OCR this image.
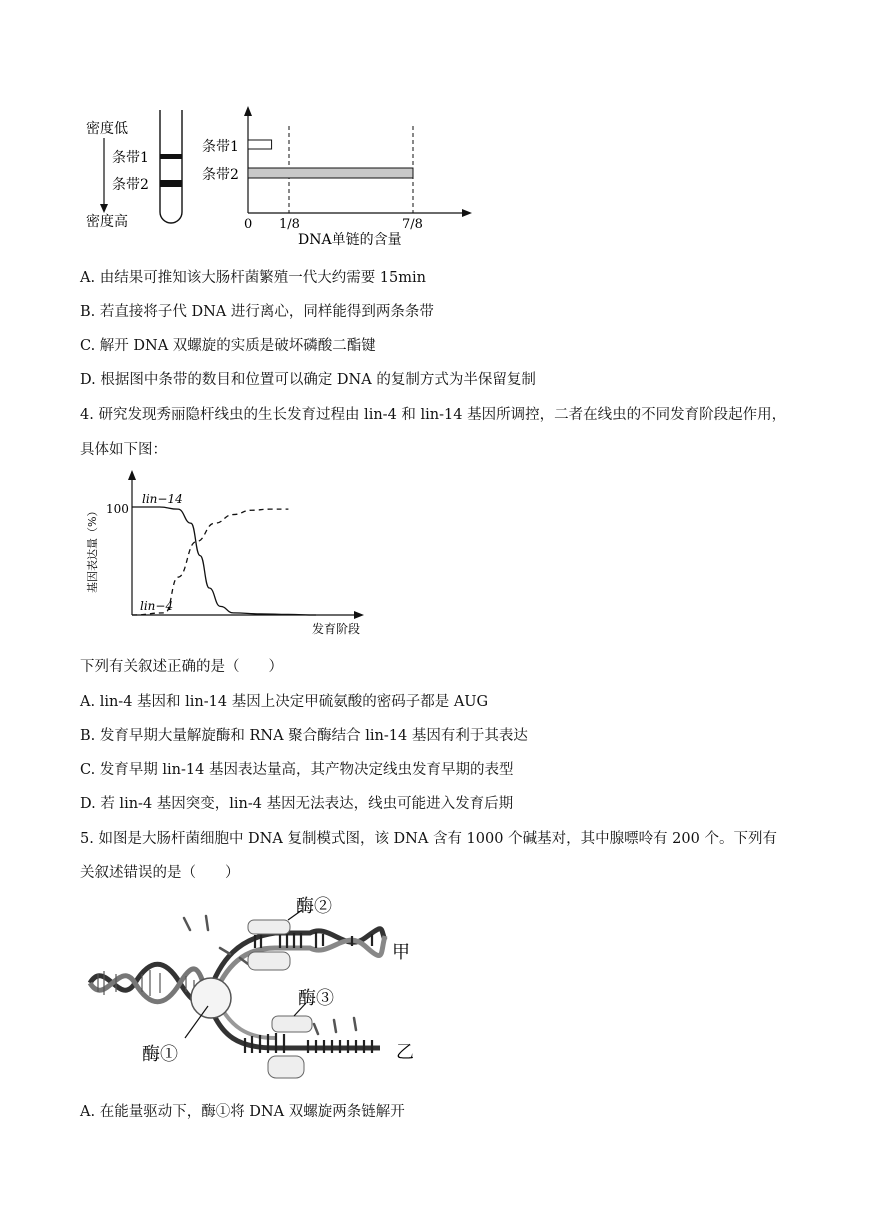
密度低
条带1
条带2
密度高
条带1
条带2
0 1/8	7/8
DNA单链的含量
A. 由结果可推知该大肠杆菌繁殖一代大约需要 15min
B. 若直接将子代 DNA 进行离心，同样能得到两条条带
C. 解开 DNA 双螺旋的实质是破坏磷酸二酯键
D. 根据图中条带的数目和位置可以确定 DNA 的复制方式为半保留复制
4. 研究发现秀丽隐杆线虫的生长发育过程由 lin-4 和 lin-14 基因所调控，二者在线虫的不同发育阶段起作用，
具体如下图：
100
基因表达量（%）
发育阶段
lin−14
lin−4
下列有关叙述正确的是（　　）
A. lin-4 基因和 lin-14 基因上决定甲硫氨酸的密码子都是 AUG
B. 发育早期大量解旋酶和 RNA 聚合酶结合 lin-14 基因有利于其表达
C. 发育早期 lin-14 基因表达量高，其产物决定线虫发育早期的表型
D. 若 lin-4 基因突变，lin-4 基因无法表达，线虫可能进入发育后期
5. 如图是大肠杆菌细胞中 DNA 复制模式图，该 DNA 含有 1000 个碱基对，其中腺嘌呤有 200 个。下列有
关叙述错误的是（　　）
酶②
酶③
酶①
甲
乙
A. 在能量驱动下，酶①将 DNA 双螺旋两条链解开
